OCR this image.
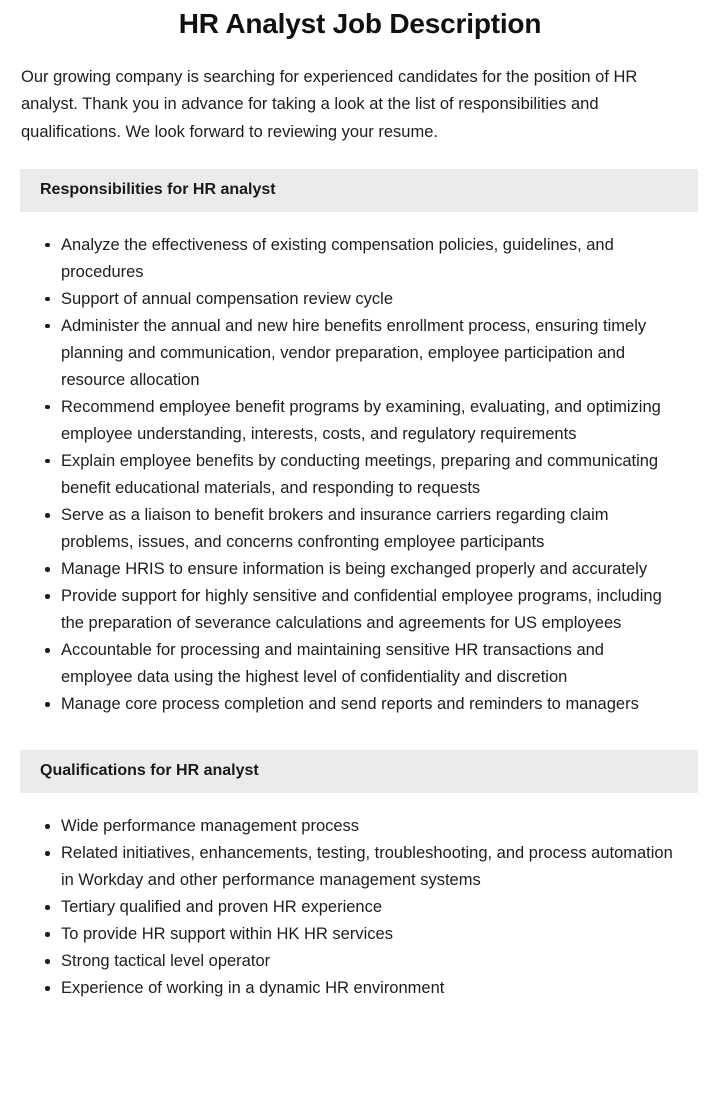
HR Analyst Job Description

Our growing company is searching for experienced candidates for the position of HR analyst. Thank you in advance for taking a look at the list of responsibilities and qualifications. We look forward to reviewing your resume.

Responsibilities for HR analyst
Analyze the effectiveness of existing compensation policies, guidelines, and procedures
Support of annual compensation review cycle
Administer the annual and new hire benefits enrollment process, ensuring timely planning and communication, vendor preparation, employee participation and resource allocation
Recommend employee benefit programs by examining, evaluating, and optimizing employee understanding, interests, costs, and regulatory requirements
Explain employee benefits by conducting meetings, preparing and communicating benefit educational materials, and responding to requests
Serve as a liaison to benefit brokers and insurance carriers regarding claim problems, issues, and concerns confronting employee participants
Manage HRIS to ensure information is being exchanged properly and accurately
Provide support for highly sensitive and confidential employee programs, including the preparation of severance calculations and agreements for US employees
Accountable for processing and maintaining sensitive HR transactions and employee data using the highest level of confidentiality and discretion
Manage core process completion and send reports and reminders to managers
Qualifications for HR analyst
Wide performance management process
Related initiatives, enhancements, testing, troubleshooting, and process automation in Workday and other performance management systems
Tertiary qualified and proven HR experience
To provide HR support within HK HR services
Strong tactical level operator
Experience of working in a dynamic HR environment
